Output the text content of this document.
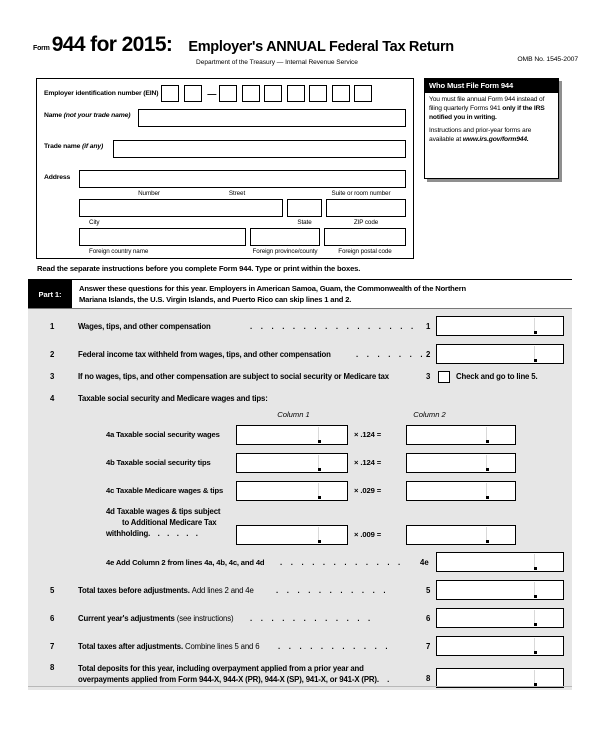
Form 944 for 2015: Employer's ANNUAL Federal Tax Return
Department of the Treasury — Internal Revenue Service	OMB No. 1545-2007
Employer identification number (EIN)	—
Name (not your trade name)
Trade name (if any)
Address
Number	Street	Suite or room number
City	State	ZIP code
Foreign country name	Foreign province/county	Foreign postal code
Who Must File Form 944

You must file annual Form 944 instead of filing quarterly Forms 941 only if the IRS notified you in writing.

Instructions and prior-year forms are available at www.irs.gov/form944.

Read the separate instructions before you complete Form 944. Type or print within the boxes.
Part 1:
Answer these questions for this year. Employers in American Samoa, Guam, the Commonwealth of the Northern
Mariana Islands, the U.S. Virgin Islands, and Puerto Rico can skip lines 1 and 2.
1	Wages, tips, and other compensation	. . . . . . . . . . . . . . . . 1
2	Federal income tax withheld from wages, tips, and other compensation	. . . . . . . 2
3	If no wages, tips, and other compensation are subject to social security or Medicare tax	3	Check and go to line 5.
4	Taxable social security and Medicare wages and tips:
Column 1	Column 2
4a Taxable social security wages	× .124 =
4b Taxable social security tips	× .124 =
4c Taxable Medicare wages & tips	× .029 =
4d Taxable wages & tips subject
to Additional Medicare Tax
withholding. . . . . .	× .009 =
4e Add Column 2 from lines 4a, 4b, 4c, and 4d . . . . . . . . . . . . 4e
5	Total taxes before adjustments. Add lines 2 and 4e	. . . . . . . . . . .	5
6	Current year's adjustments (see instructions) . . . . . . . . . . . .	6
7	Total taxes after adjustments. Combine lines 5 and 6 . . . . . . . . . . .	7
8	Total deposits for this year, including overpayment applied from a prior year and
overpayments applied from Form 944-X, 944-X (PR), 944-X (SP), 941-X, or 941-X (PR). .	8
